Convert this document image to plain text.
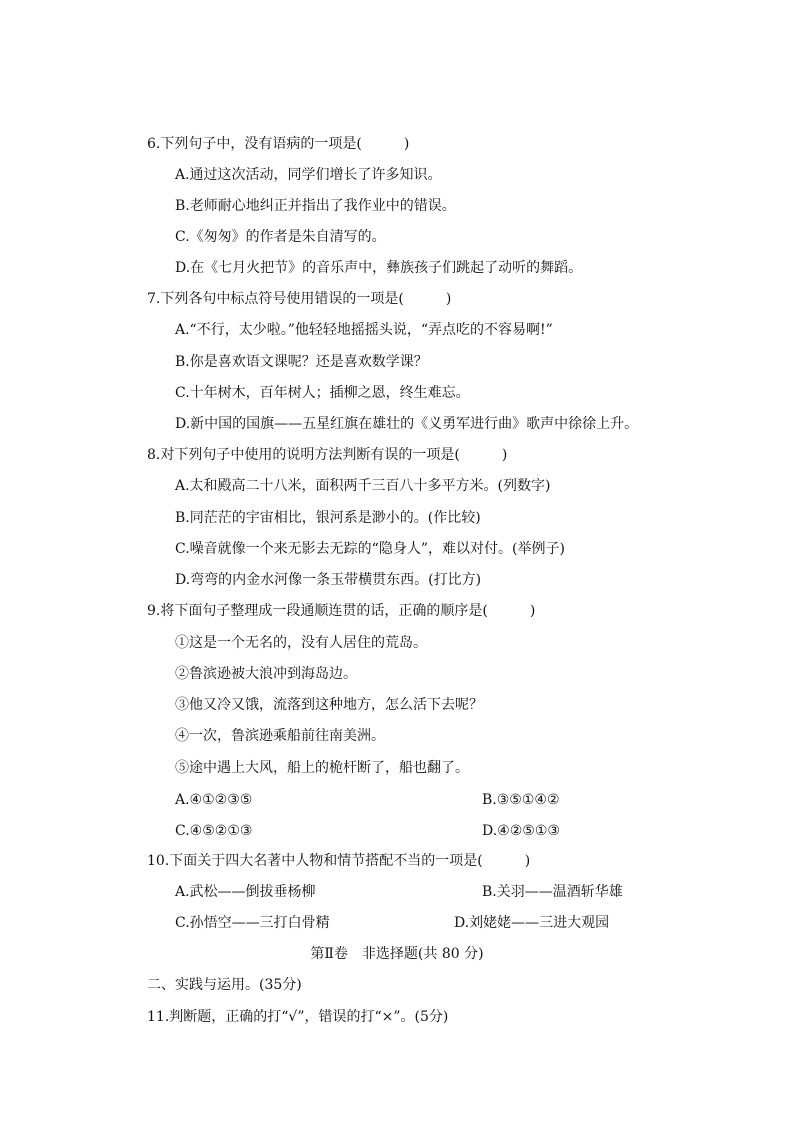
6.下列句子中，没有语病的一项是(　　　)
A.通过这次活动，同学们增长了许多知识。
B.老师耐心地纠正并指出了我作业中的错误。
C.《匆匆》的作者是朱自清写的。
D.在《七月火把节》的音乐声中，彝族孩子们跳起了动听的舞蹈。
7.下列各句中标点符号使用错误的一项是(　　　)
A.“不行，太少啦。”他轻轻地摇摇头说，“弄点吃的不容易啊!”
B.你是喜欢语文课呢？还是喜欢数学课？
C.十年树木，百年树人；插柳之恩，终生难忘。
D.新中国的国旗——五星红旗在雄壮的《义勇军进行曲》歌声中徐徐上升。
8.对下列句子中使用的说明方法判断有误的一项是(　　　)
A.太和殿高二十八米，面积两千三百八十多平方米。(列数字)
B.同茫茫的宇宙相比，银河系是渺小的。(作比较)
C.噪音就像一个来无影去无踪的“隐身人”，难以对付。(举例子)
D.弯弯的内金水河像一条玉带横贯东西。(打比方)
9.将下面句子整理成一段通顺连贯的话，正确的顺序是(　　　)
①这是一个无名的，没有人居住的荒岛。
②鲁滨逊被大浪冲到海岛边。
③他又冷又饿，流落到这种地方，怎么活下去呢？
④一次，鲁滨逊乘船前往南美洲。
⑤途中遇上大风，船上的桅杆断了，船也翻了。
A.④①②③⑤	B.③⑤①④②
C.④⑤②①③	D.④②⑤①③
10.下面关于四大名著中人物和情节搭配不当的一项是(　　　)
A.武松——倒拔垂杨柳	B.关羽——温酒斩华雄
C.孙悟空——三打白骨精	D.刘姥姥——三进大观园
第Ⅱ卷　非选择题(共 80 分)
二、实践与运用。(35分)
11.判断题，正确的打“√”，错误的打“×”。(5分)
